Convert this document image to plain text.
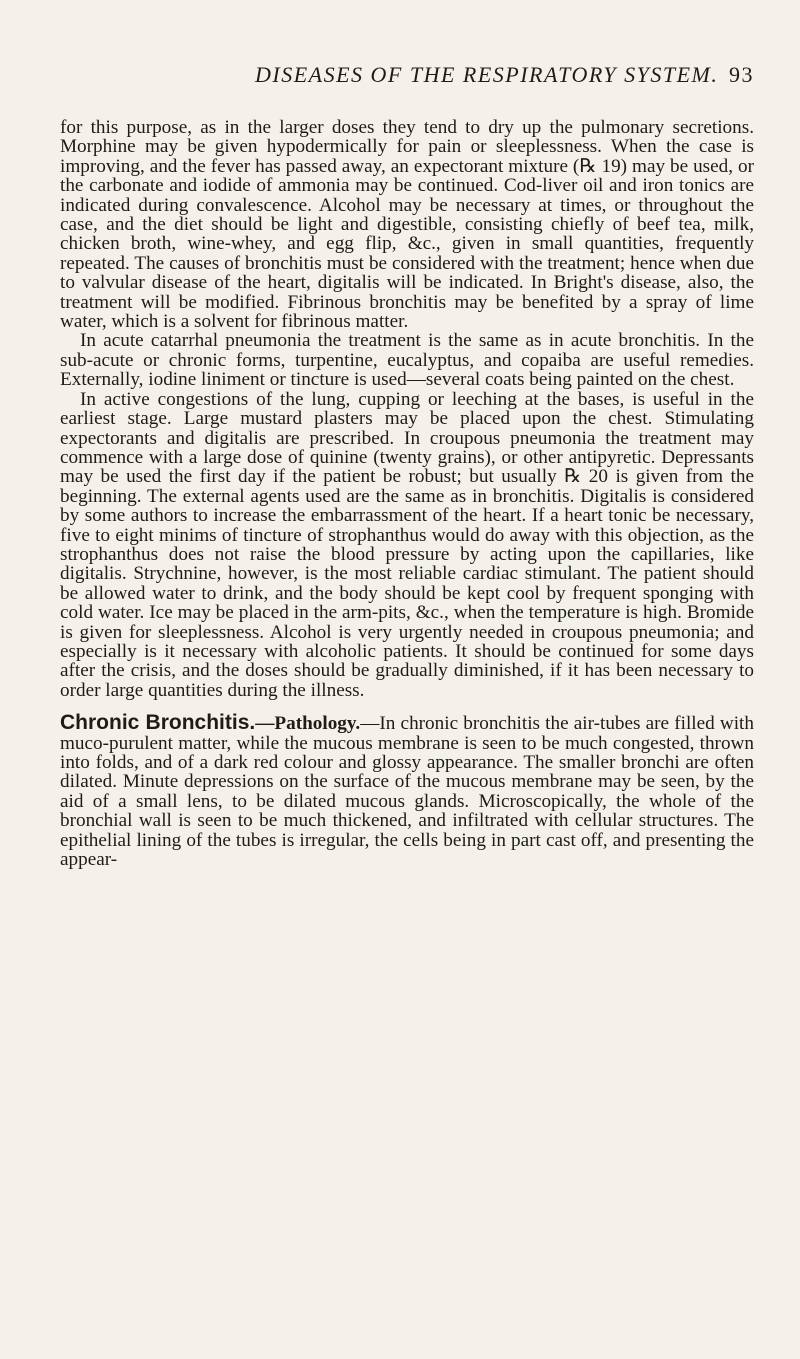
DISEASES OF THE RESPIRATORY SYSTEM. 93

for this purpose, as in the larger doses they tend to dry up the pulmonary secretions. Morphine may be given hypodermically for pain or sleeplessness. When the case is improving, and the fever has passed away, an expectorant mixture (℞ 19) may be used, or the carbonate and iodide of ammonia may be continued. Cod-liver oil and iron tonics are indicated during convalescence. Alcohol may be necessary at times, or throughout the case, and the diet should be light and digestible, consisting chiefly of beef tea, milk, chicken broth, wine-whey, and egg flip, &c., given in small quantities, frequently repeated. The causes of bronchitis must be considered with the treatment; hence when due to valvular disease of the heart, digitalis will be indicated. In Bright's disease, also, the treatment will be modified. Fibrinous bronchitis may be benefited by a spray of lime water, which is a solvent for fibrinous matter.

In acute catarrhal pneumonia the treatment is the same as in acute bronchitis. In the sub-acute or chronic forms, turpentine, eucalyptus, and copaiba are useful remedies. Externally, iodine liniment or tincture is used—several coats being painted on the chest.

In active congestions of the lung, cupping or leeching at the bases, is useful in the earliest stage. Large mustard plasters may be placed upon the chest. Stimulating expectorants and digitalis are prescribed. In croupous pneumonia the treatment may commence with a large dose of quinine (twenty grains), or other antipyretic. Depressants may be used the first day if the patient be robust; but usually ℞ 20 is given from the beginning. The external agents used are the same as in bronchitis. Digitalis is considered by some authors to increase the embarrassment of the heart. If a heart tonic be necessary, five to eight minims of tincture of strophanthus would do away with this objection, as the strophanthus does not raise the blood pressure by acting upon the capillaries, like digitalis. Strychnine, however, is the most reliable cardiac stimulant. The patient should be allowed water to drink, and the body should be kept cool by frequent sponging with cold water. Ice may be placed in the arm-pits, &c., when the temperature is high. Bromide is given for sleeplessness. Alcohol is very urgently needed in croupous pneumonia; and especially is it necessary with alcoholic patients. It should be continued for some days after the crisis, and the doses should be gradually diminished, if it has been necessary to order large quantities during the illness.

Chronic Bronchitis.—Pathology.—In chronic bronchitis the air-tubes are filled with muco-purulent matter, while the mucous membrane is seen to be much congested, thrown into folds, and of a dark red colour and glossy appearance. The smaller bronchi are often dilated. Minute depressions on the surface of the mucous membrane may be seen, by the aid of a small lens, to be dilated mucous glands. Microscopically, the whole of the bronchial wall is seen to be much thickened, and infiltrated with cellular structures. The epithelial lining of the tubes is irregular, the cells being in part cast off, and presenting the appear-
